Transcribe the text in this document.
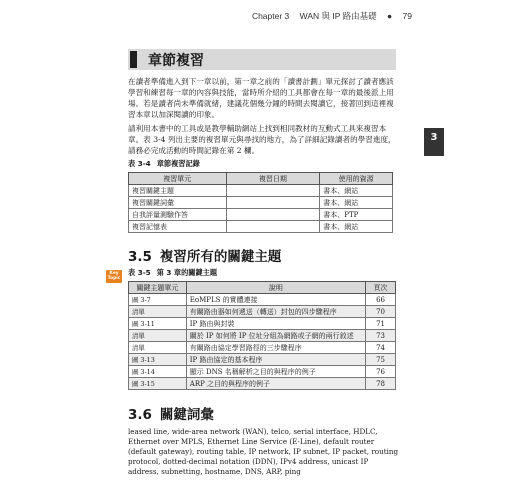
Chapter 3 WAN 與 IP 路由基礎 ● 79
章節複習

在讀者準備進入到下一章以前，第一章之前的「讀書計劃」單元探討了讀者應該學習和練習每一章的內容與技能，當時所介紹的工具都會在每一章的最後派上用場。若是讀者尚未準備就緒，建議花個幾分鐘的時間去閱讀它，接著回到這裡複習本章以加深閱讀的印象。

請利用本書中的工具或是教學輔助網站上找到相同教材的互動式工具來複習本章。表 3-4 列出主要的複習單元與尋找的地方，為了詳細記錄讀者的學習進度，請務必完成活動的時間記錄在第 2 欄。

3
表 3-4 章節複習記錄
複習單元	複習日期	使用的資源
複習關鍵主題		書本、網站
複習關鍵詞彙		書本、網站
自我評量測驗作答		書本、PTP
複習記憶表		書本、網站
3.5 複習所有的關鍵主題
Key
Topic
表 3-5 第 3 章的關鍵主題
關鍵主題單元	說明	頁次
圖 3-7	EoMPLS 的實體連接	66
清單	有關路由器如何遞送（轉送）封包的四步驟程序	70
圖 3-11	IP 路由與封裝	71
清單	關於 IP 如何將 IP 位址分組為網路或子網的兩行敘述	73
清單	有關路由協定學習路徑的三步驟程序	74
圖 3-13	IP 路由協定的基本程序	75
圖 3-14	顯示 DNS 名稱解析之目的與程序的例子	76
圖 3-15	ARP 之目的與程序的例子	78
3.6 關鍵詞彙

leased line, wide-area network (WAN), telco, serial interface, HDLC, Ethernet over MPLS, Ethernet Line Service (E-Line), default router (default gateway), routing table, IP network, IP subnet, IP packet, routing protocol, dotted-decimal notation (DDN), IPv4 address, unicast IP address, subnetting, hostname, DNS, ARP, ping
